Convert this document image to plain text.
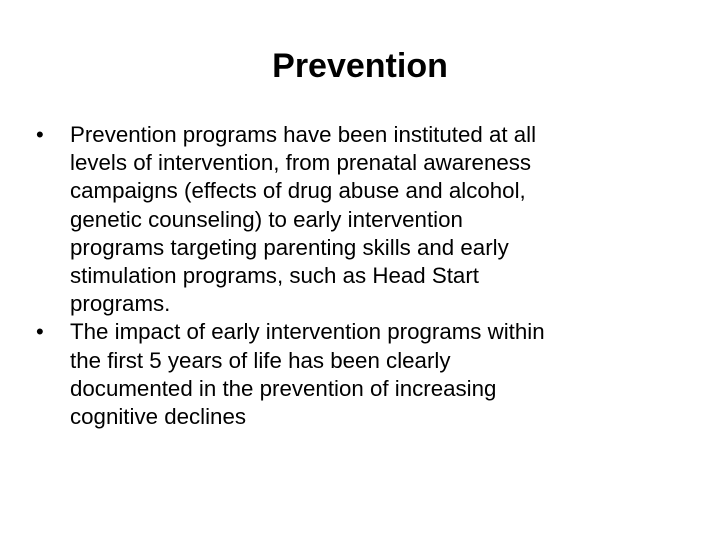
Prevention
•	Prevention programs have been instituted at all
levels of intervention, from prenatal awareness
campaigns (effects of drug abuse and alcohol,
genetic counseling) to early intervention
programs targeting parenting skills and early
stimulation programs, such as Head Start
programs.
•	The impact of early intervention programs within
the first 5 years of life has been clearly
documented in the prevention of increasing
cognitive declines
